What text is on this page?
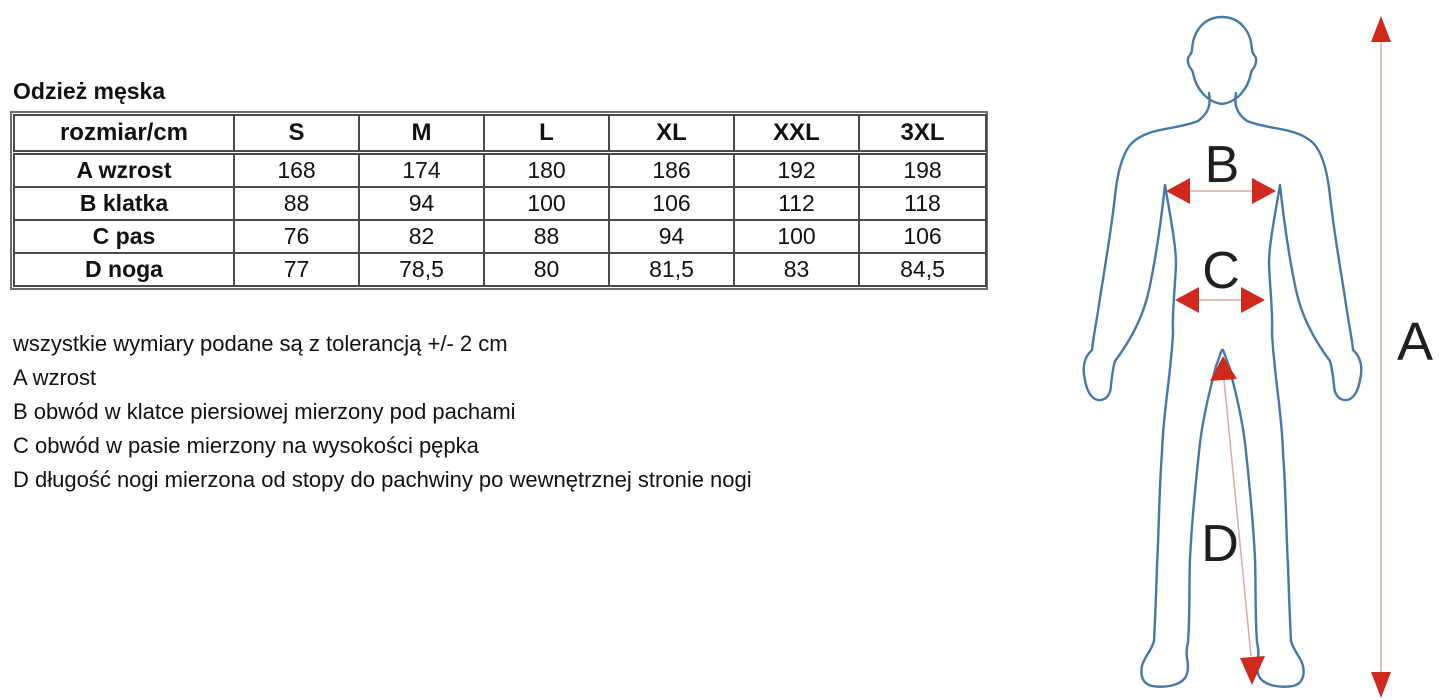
Odzież męska
rozmiar/cm	S	M	L	XL	XXL	3XL
A wzrost	168	174	180	186	192	198
B klatka	88	94	100	106	112	118
C pas	76	82	88	94	100	106
D noga	77	78,5	80	81,5	83	84,5
wszystkie wymiary podane są z tolerancją +/- 2 cm
A wzrost
B obwód w klatce piersiowej mierzony pod pachami
C obwód w pasie mierzony na wysokości pępka
D długość nogi mierzona od stopy do pachwiny po wewnętrznej stronie nogi
A
B
C
D
